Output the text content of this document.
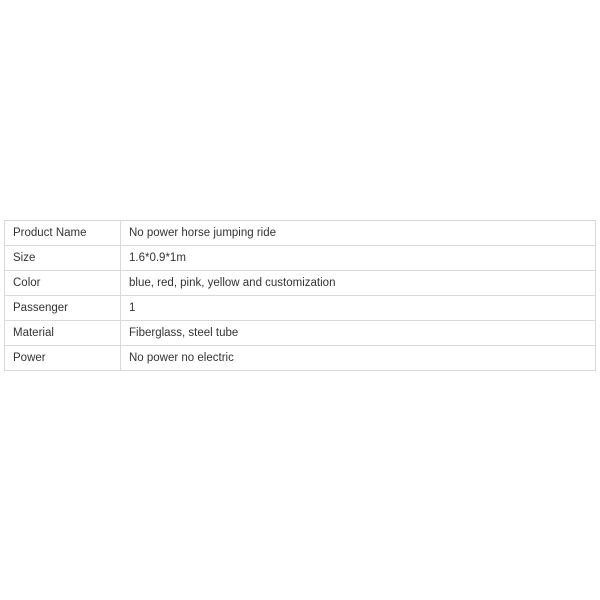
Product Name	No power horse jumping ride
Size	1.6*0.9*1m
Color	blue, red, pink, yellow and customization
Passenger	1
Material	Fiberglass, steel tube
Power	No power no electric
